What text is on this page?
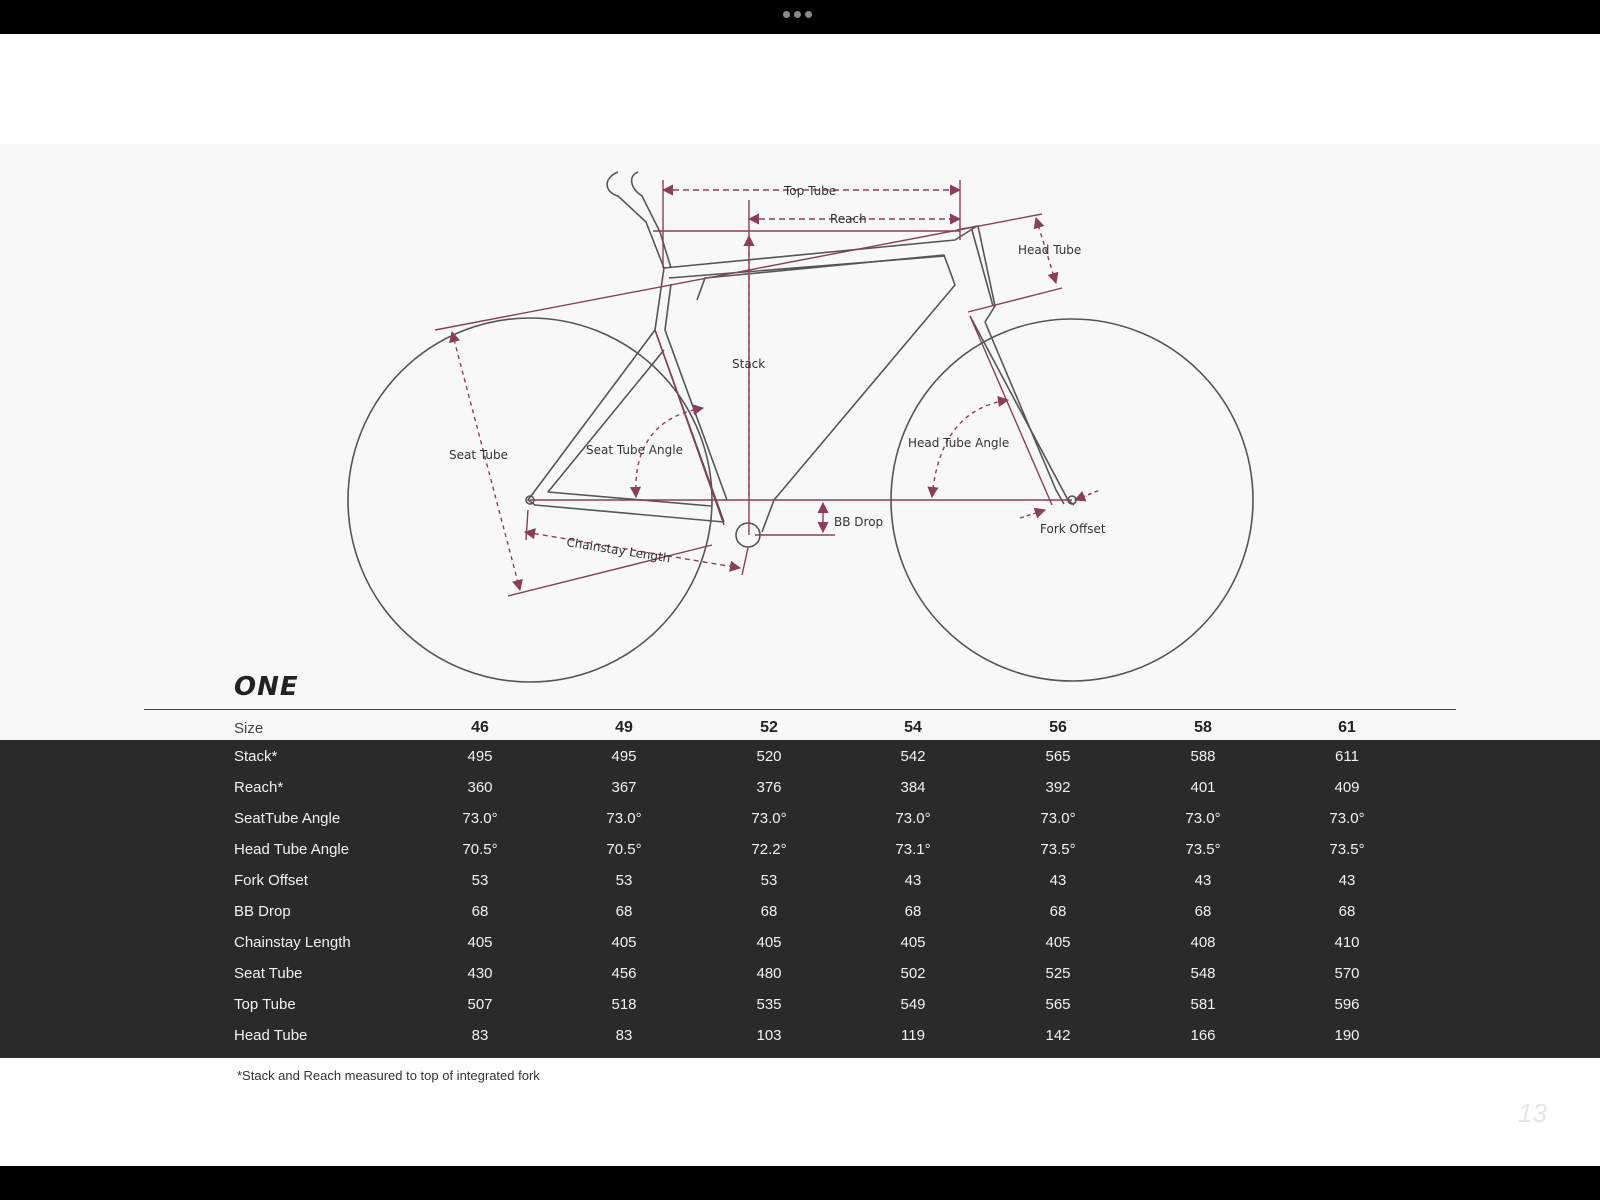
Top Tube
Reach
Head Tube
Stack
Seat Tube	Seat Tube Angle	Head Tube Angle
BB Drop
Chainstay Length
Fork Offset
ONE
Size	46	49	52	54	56	58	61
Stack*	495	495	520	542	565	588	611
Reach*	360	367	376	384	392	401	409
SeatTube Angle	73.0°	73.0°	73.0°	73.0°	73.0°	73.0°	73.0°
Head Tube Angle	70.5°	70.5°	72.2°	73.1°	73.5°	73.5°	73.5°
Fork Offset	53	53	53	43	43	43	43
BB Drop	68	68	68	68	68	68	68
Chainstay Length	405	405	405	405	405	408	410
Seat Tube	430	456	480	502	525	548	570
Top Tube	507	518	535	549	565	581	596
Head Tube	83	83	103	119	142	166	190
*Stack and Reach measured to top of integrated fork
13
